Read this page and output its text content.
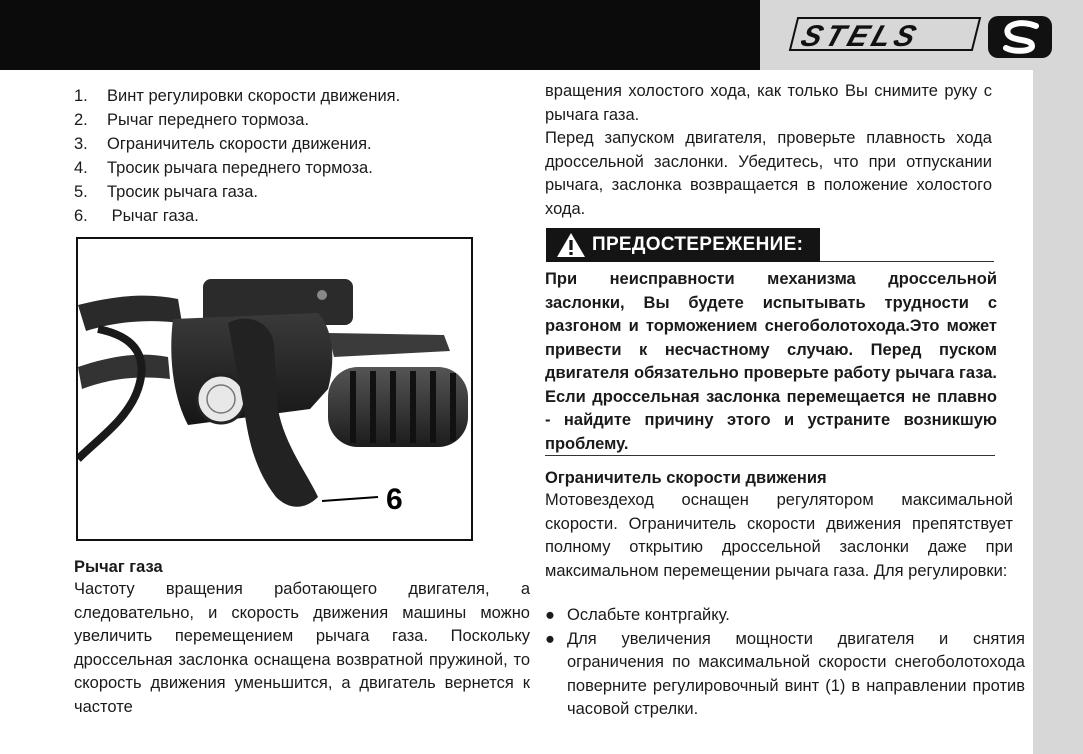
STELS
1.	Винт регулировки скорости движения.
2.	Рычаг переднего тормоза.
3.	Ограничитель скорости движения.
4.	Тросик рычага переднего тормоза.
5.	Тросик рычага газа.
6.	Рычаг газа.
6
Рычаг газа

Частоту вращения работающего двигателя, а следовательно, и скорость движения машины можно увеличить перемещением рычага газа. Поскольку дроссельная заслонка оснащена возвратной пружиной, то скорость движения уменьшится, а двигатель вернется к частоте

вращения холостого хода, как только Вы снимите руку с рычага газа.

Перед запуском двигателя, проверьте плавность хода дроссельной заслонки. Убедитесь, что при отпускании рычага, заслонка возвращается в положение холостого хода.

ПРЕДОСТЕРЕЖЕНИЕ:

При неисправности механизма дроссельной заслонки, Вы будете испытывать трудности с разгоном и торможением снегоболотохода.Это может привести к несчастному случаю. Перед пуском двигателя обязательно проверьте работу рычага газа. Если дроссельная заслонка перемещается не плавно - найдите причину этого и устраните возникшую проблему.

Ограничитель скорости движения

Мотовездеход оснащен регулятором максимальной скорости. Ограничитель скорости движения препятствует полному открытию дроссельной заслонки даже при максимальном перемещении рычага газа. Для регулировки:

● Ослабьте контргайку.
● Для увеличения мощности двигателя и снятия ограничения по максимальной скорости снегоболотохода поверните регулировочный винт (1) в направлении против часовой стрелки.
